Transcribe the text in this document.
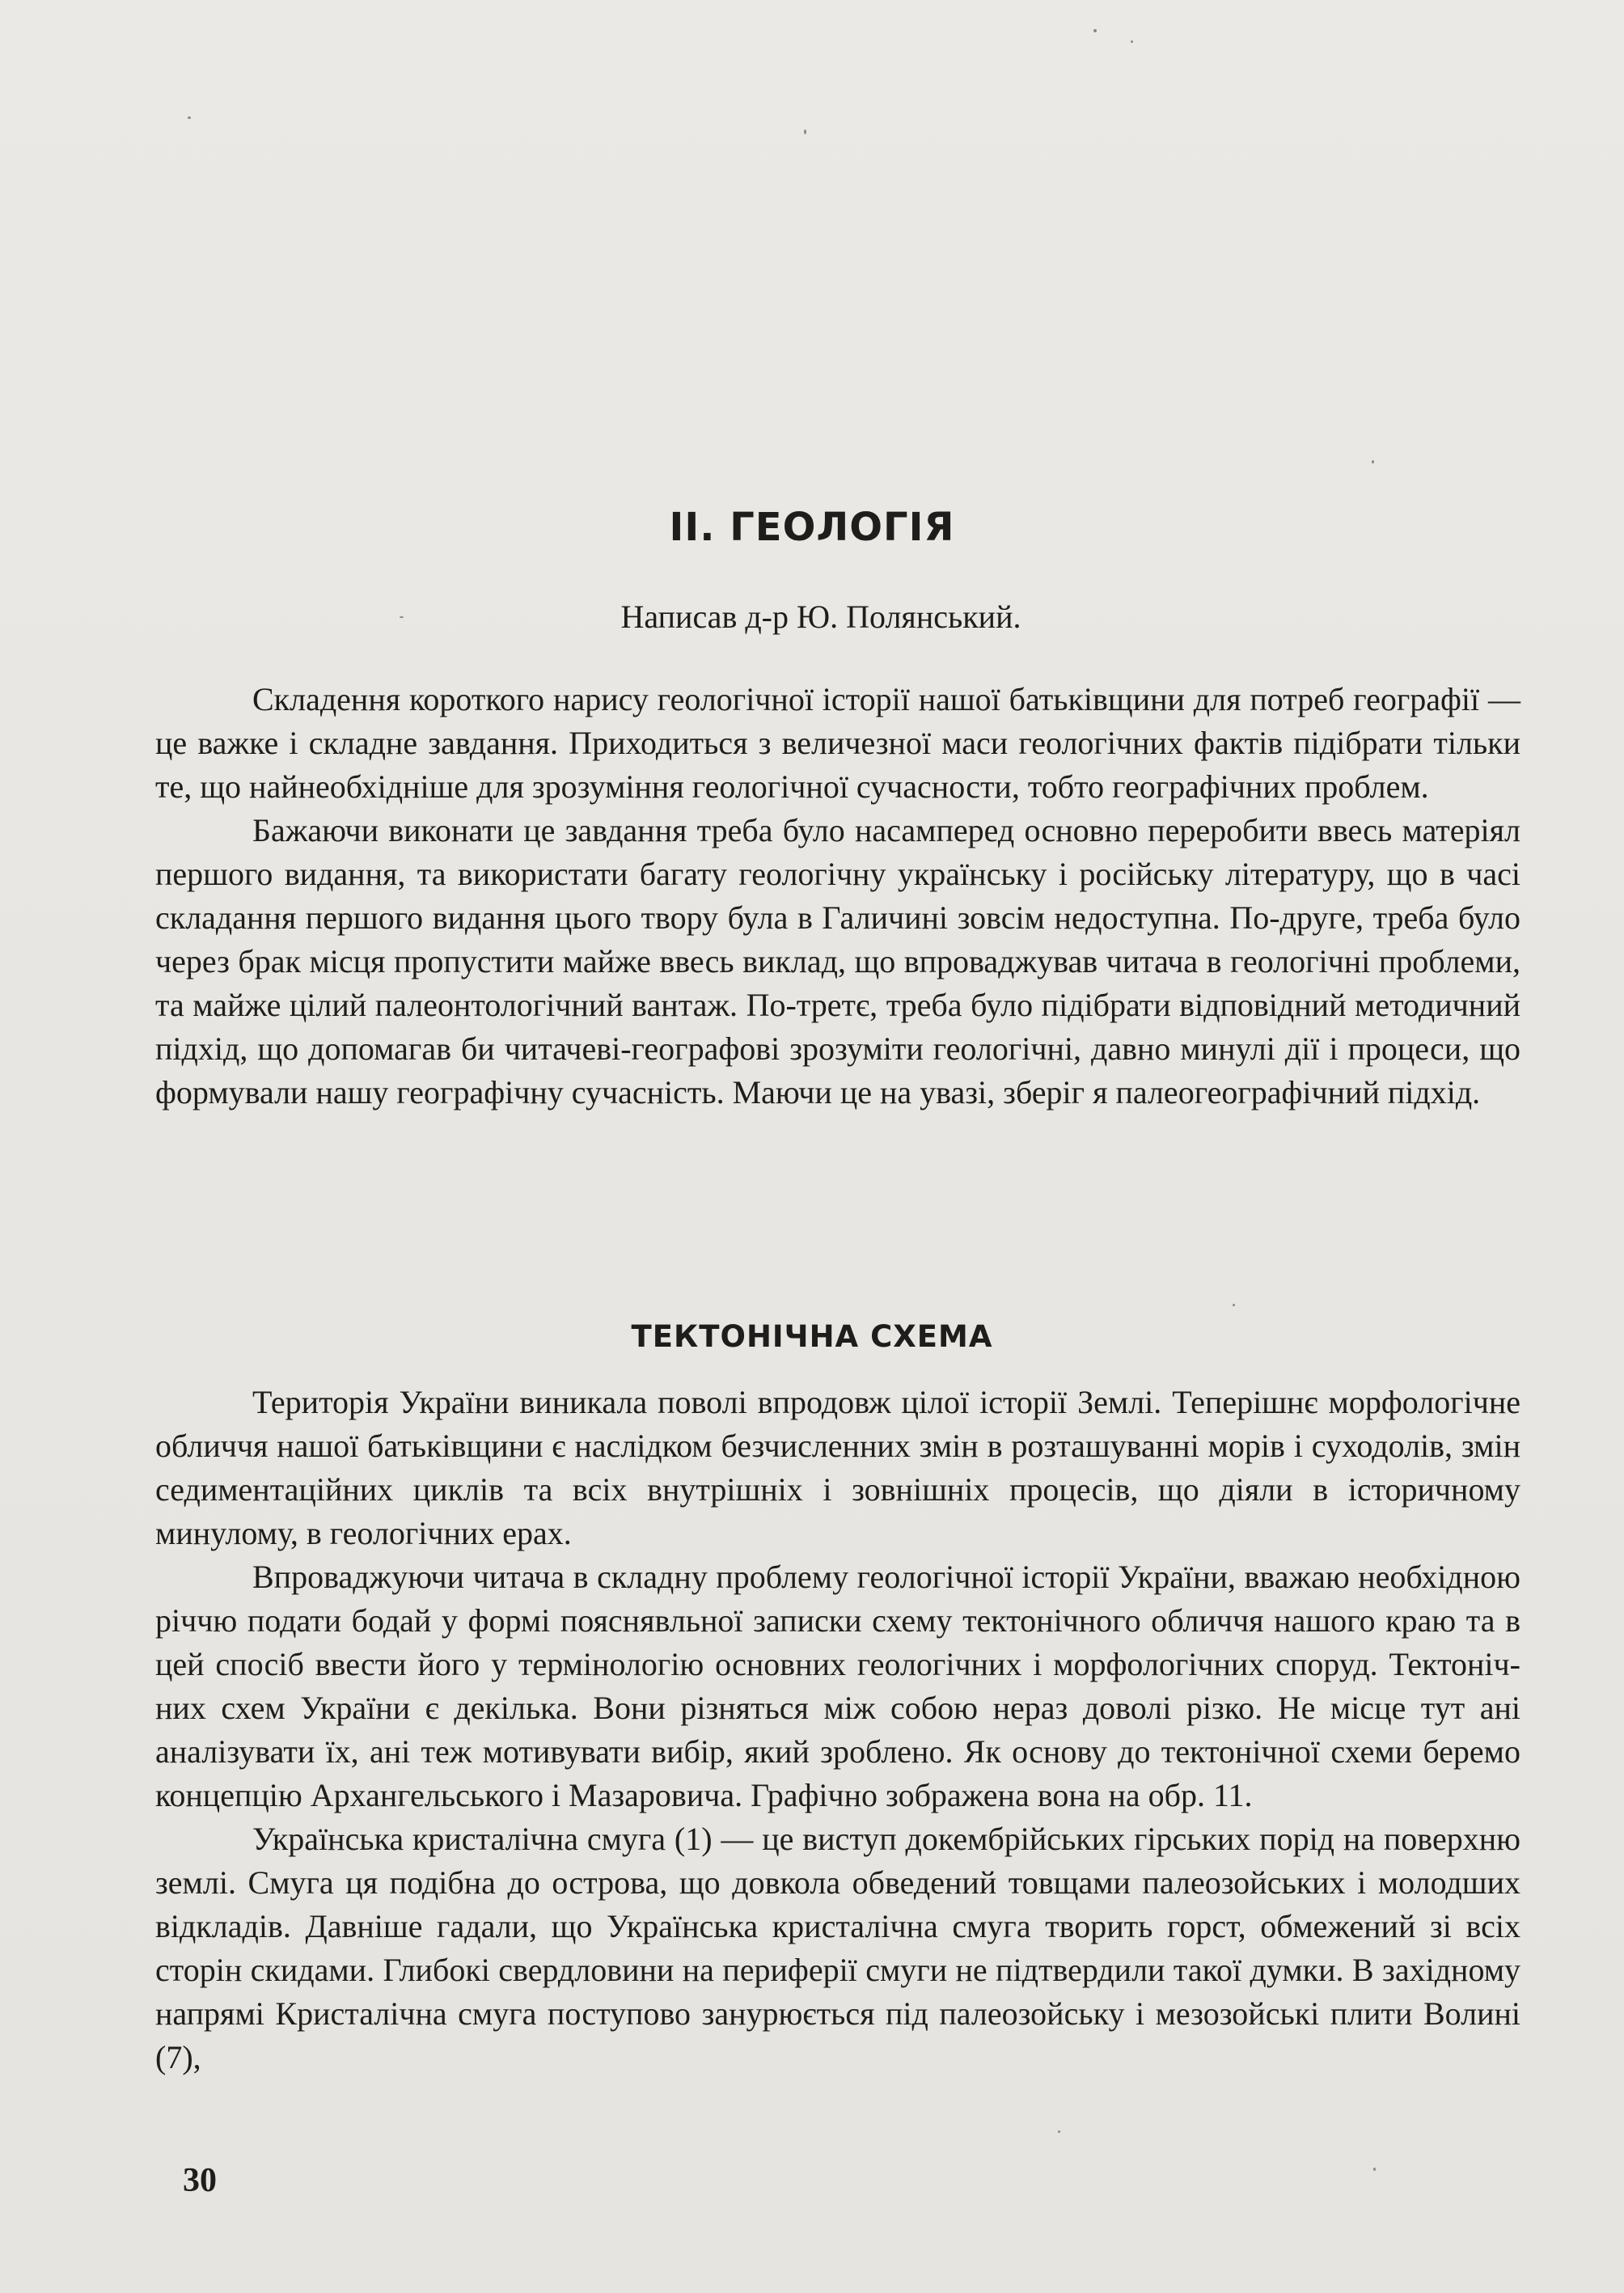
II. ГЕОЛОГІЯ
Написав д-р Ю. Полянський.

Складення короткого нарису геологічної історії нашої батьківщини для потреб географії — це важке і складне завдання. Приходиться з величезної маси геологічних фактів підібрати тільки те, що найнеобхідніше для зрозуміння геологічної сучасности, тобто географічних проблем.

Бажаючи виконати це завдання треба було насамперед основно переробити ввесь матеріял першого видання, та використати багату геологічну українську і російську літературу, що в часі складання першого видання цього твору була в Галичині зовсім недоступна. По-друге, треба було через брак місця пропустити майже ввесь виклад, що впроваджував читача в геологічні проблеми, та майже цілий палеонтологічний вантаж. По-третє, треба було підібрати відповідний методичний підхід, що допомагав би читачеві-географові зрозуміти геологічні, давно минулі дії і процеси, що формували нашу географічну сучасність. Маючи це на увазі, зберіг я палеогеографічний підхід.

ТЕКТОНІЧНА СХЕМА

Територія України виникала поволі впродовж цілої історії Землі. Теперішнє морфологічне обличчя нашої батьківщини є наслідком безчисленних змін в розташуванні морів і суходолів, змін седиментаційних циклів та всіх внутрішніх і зовнішніх процесів, що діяли в історичному минулому, в геологічних ерах.

Впроваджуючи читача в складну проблему геологічної історії України, вважаю необхідною річчю подати бодай у формі пояснявльної записки схему тектонічного обличчя нашого краю та в цей спосіб ввести його у термінологію основних геологічних і морфологічних споруд. Тектонічних схем України є декілька. Вони різняться між собою нераз доволі різко. Не місце тут ані аналізувати їх, ані теж мотивувати вибір, який зроблено. Як основу до тектонічної схеми беремо концепцію Архангельського і Мазаровича. Графічно зображена вона на обр. 11.

Українська кристалічна смуга (1) — це виступ докембрійських гірських порід на поверхню землі. Смуга ця подібна до острова, що довкола обведений товщами палеозойських і молодших відкладів. Давніше гадали, що Українська кристалічна смуга творить горст, обмежений зі всіх сторін скидами. Глибокі свердловини на периферії смуги не підтвердили такої думки. В західному напрямі Кристалічна смуга поступово занурюється під палеозойську і мезозойські плити Волині (7),

30
